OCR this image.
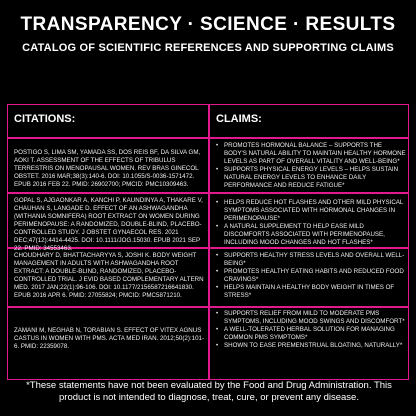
TRANSPARENCY · SCIENCE · RESULTS
CATALOG OF SCIENTIFIC REFERENCES AND SUPPORTING CLAIMS
CITATIONS:	CLAIMS:
POSTIGO S, LIMA SM, YAMADA SS, DOS REIS BF, DA SILVA GM, AOKI T. ASSESSMENT OF THE EFFECTS OF TRIBULUS TERRESTRIS ON MENOPAUSAL WOMEN. REV BRAS GINECOL OBSTET. 2016 MAR;38(3):140-6. DOI: 10.1055/S-0036-1571472. EPUB 2016 FEB 22. PMID: 26902700; PMCID: PMC10309463.
• PROMOTES HORMONAL BALANCE – SUPPORTS THE BODY'S NATURAL ABILITY TO MAINTAIN HEALTHY HORMONE LEVELS AS PART OF OVERALL VITALITY AND WELL-BEING*
• SUPPORTS PHYSICAL ENERGY LEVELS – HELPS SUSTAIN NATURAL ENERGY LEVELS TO ENHANCE DAILY PERFORMANCE AND REDUCE FATIGUE*
GOPAL S, AJGAONKAR A, KANCHI P, KAUNDINYA A, THAKARE V, CHAUHAN S, LANGADE D. EFFECT OF AN ASHWAGANDHA (WITHANIA SOMNIFERA) ROOT EXTRACT ON WOMEN DURING PERIMENOPAUSE: A RANDOMIZED, DOUBLE-BLIND, PLACEBO-CONTROLLED STUDY. J OBSTET GYNAECOL RES. 2021 DEC;47(12):4414-4425. DOI: 10.1111/JOG.15030. EPUB 2021 SEP 22. PMID: 34553463.
• HELPS REDUCE HOT FLASHES AND OTHER MILD PHYSICAL SYMPTOMS ASSOCIATED WITH HORMONAL CHANGES IN PERIMENOPAUSE*
• A NATURAL SUPPLEMENT TO HELP EASE MILD DISCOMFORTS ASSOCIATED WITH PERIMENOPAUSE, INCLUDING MOOD CHANGES AND HOT FLASHES*
CHOUDHARY D, BHATTACHARYYA S, JOSHI K. BODY WEIGHT MANAGEMENT IN ADULTS WITH ASHWAGANDHA ROOT EXTRACT: A DOUBLE-BLIND, RANDOMIZED, PLACEBO-CONTROLLED TRIAL. J EVID BASED COMPLEMENTARY ALTERN MED. 2017 JAN;22(1):96-106. DOI: 10.1177/2156587216641830. EPUB 2016 APR 6. PMID: 27055824; PMCID: PMC5871210.
• SUPPORTS HEALTHY STRESS LEVELS AND OVERALL WELL-BEING*
• PROMOTES HEALTHY EATING HABITS AND REDUCED FOOD CRAVINGS*
• HELPS MAINTAIN A HEALTHY BODY WEIGHT IN TIMES OF STRESS*
ZAMANI M, NEGHAB N, TORABIAN S. EFFECT OF VITEX AGNUS CASTUS IN WOMEN WITH PMS. ACTA MED IRAN. 2012;50(2):101-6. PMID: 22359078.
• SUPPORTS RELIEF FROM MILD TO MODERATE PMS SYMPTOMS, INCLUDING MOOD SWINGS AND DISCOMFORT*
• A WELL-TOLERATED HERBAL SOLUTION FOR MANAGING COMMON PMS SYMPTOMS*
• SHOWN TO EASE PREMENSTRUAL BLOATING, NATURALLY*
*These statements have not been evaluated by the Food and Drug Administration. This product is not intended to diagnose, treat, cure, or prevent any disease.
